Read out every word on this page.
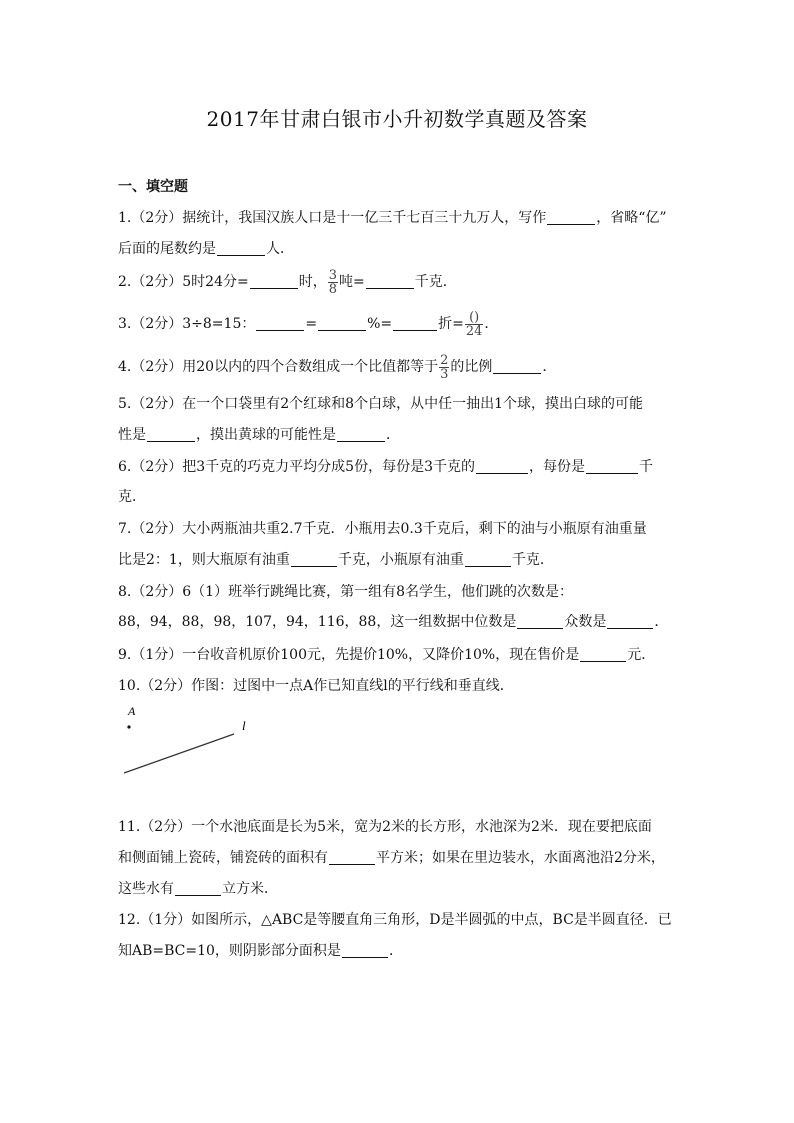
2017年甘肃白银市小升初数学真题及答案
一、填空题
1.（2分）据统计，我国汉族人口是十一亿三千七百三十九万人，写作	，省略“亿”
后面的尾数约是	人．
2.（2分）5时24分=	时， $\frac{3}{8}$ 吨=	千克．
3.（2分）3÷8=15：	=	%=	折= $\frac{()}{24}$ ．
4.（2分）用20以内的四个合数组成一个比值都等于 $\frac{2}{3}$ 的比例	．
5.（2分）在一个口袋里有2个红球和8个白球，从中任一抽出1个球，摸出白球的可能
性是	，摸出黄球的可能性是	．
6.（2分）把3千克的巧克力平均分成5份，每份是3千克的	，每份是	千
克．
7.（2分）大小两瓶油共重2.7千克．小瓶用去0.3千克后，剩下的油与小瓶原有油重量
比是2：1，则大瓶原有油重	千克，小瓶原有油重	千克．
8.（2分）6（1）班举行跳绳比赛，第一组有8名学生，他们跳的次数是：
88，94，88，98，107，94，116，88，这一组数据中位数是	众数是	．
9.（1分）一台收音机原价100元，先提价10%，又降价10%，现在售价是	元．
10.（2分）作图：过图中一点A作已知直线l的平行线和垂直线．
A
l
11.（2分）一个水池底面是长为5米，宽为2米的长方形，水池深为2米．现在要把底面
和侧面铺上瓷砖，铺瓷砖的面积有	平方米；如果在里边装水，水面离池沿2分米，
这些水有	立方米．
12.（1分）如图所示，△ABC是等腰直角三角形，D是半圆弧的中点，BC是半圆直径．已
知AB=BC=10，则阴影部分面积是	．
